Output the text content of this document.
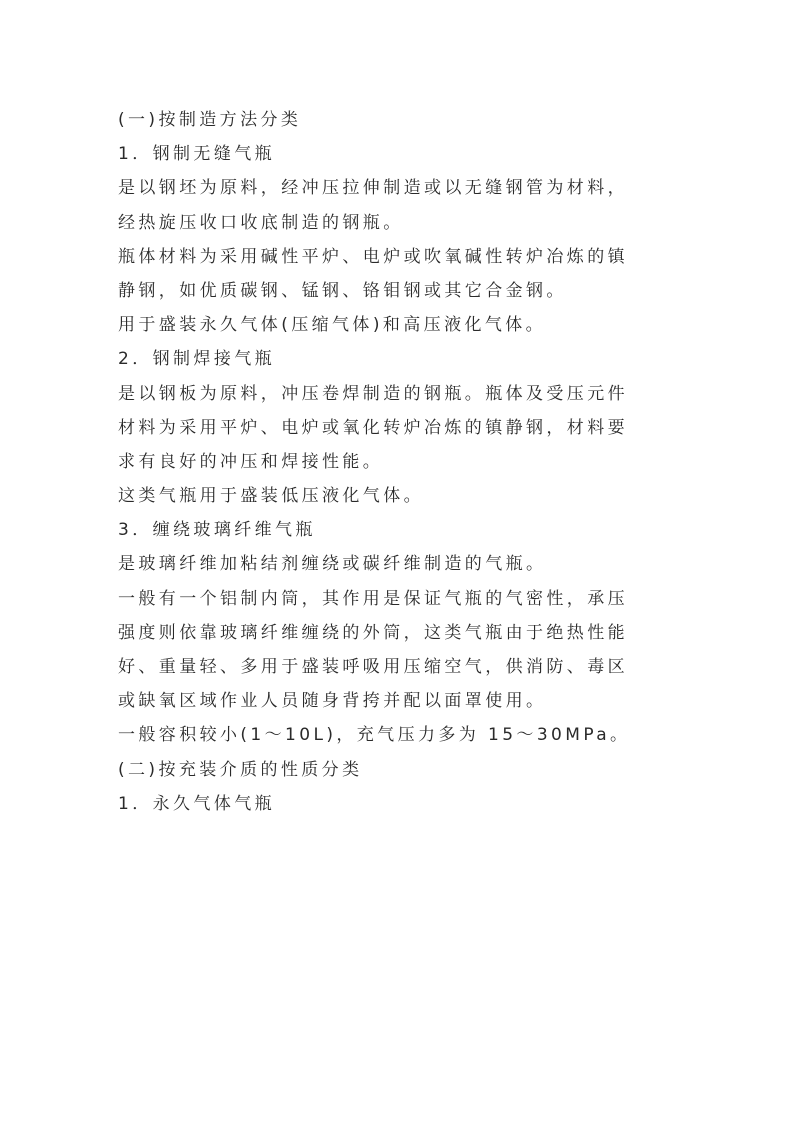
(一)按制造方法分类
1．钢制无缝气瓶
是以钢坯为原料，经冲压拉伸制造或以无缝钢管为材料，
经热旋压收口收底制造的钢瓶。
瓶体材料为采用碱性平炉、电炉或吹氧碱性转炉冶炼的镇
静钢，如优质碳钢、锰钢、铬钼钢或其它合金钢。
用于盛装永久气体(压缩气体)和高压液化气体。
2．钢制焊接气瓶
是以钢板为原料，冲压卷焊制造的钢瓶。瓶体及受压元件
材料为采用平炉、电炉或氧化转炉冶炼的镇静钢，材料要
求有良好的冲压和焊接性能。
这类气瓶用于盛装低压液化气体。
3．缠绕玻璃纤维气瓶
是玻璃纤维加粘结剂缠绕或碳纤维制造的气瓶。
一般有一个铝制内筒，其作用是保证气瓶的气密性，承压
强度则依靠玻璃纤维缠绕的外筒，这类气瓶由于绝热性能
好、重量轻、多用于盛装呼吸用压缩空气，供消防、毒区
或缺氧区域作业人员随身背挎并配以面罩使用。
一般容积较小(1～10L)，充气压力多为 15～30MPa。
(二)按充装介质的性质分类
1．永久气体气瓶
